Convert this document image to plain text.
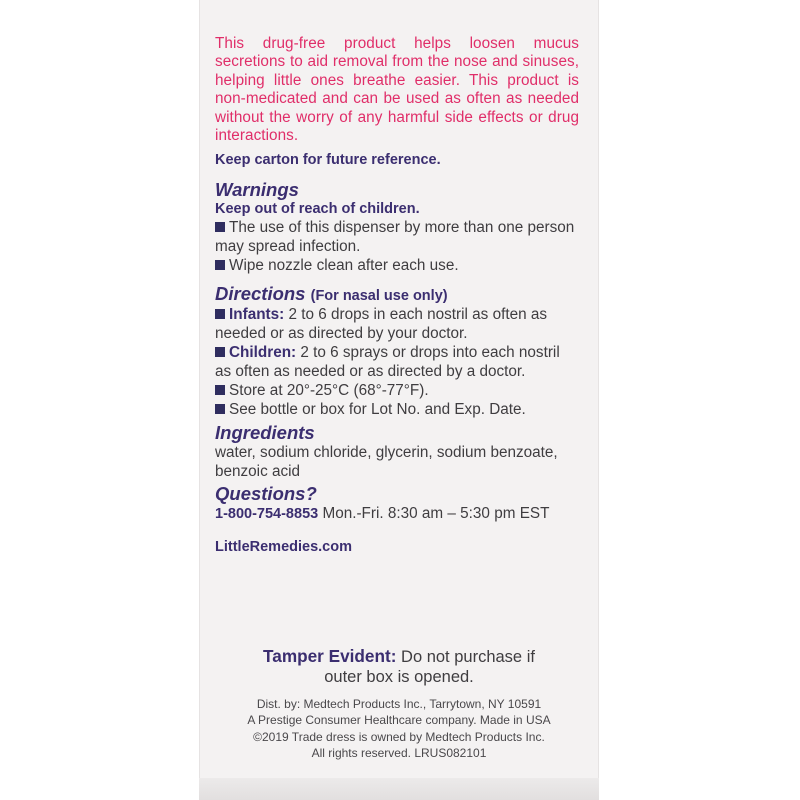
This drug-free product helps loosen mucus secretions to aid removal from the nose and sinuses, helping little ones breathe easier. This product is non-medicated and can be used as often as needed without the worry of any harmful side effects or drug interactions.

Keep carton for future reference.

Warnings

Keep out of reach of children.

The use of this dispenser by more than one person may spread infection.

Wipe nozzle clean after each use.

Directions (For nasal use only)

Infants: 2 to 6 drops in each nostril as often as needed or as directed by your doctor.

Children: 2 to 6 sprays or drops into each nostril as often as needed or as directed by a doctor.

Store at 20°-25°C (68°-77°F).

See bottle or box for Lot No. and Exp. Date.

Ingredients

water, sodium chloride, glycerin, sodium benzoate, benzoic acid

Questions?

1-800-754-8853 Mon.-Fri. 8:30 am – 5:30 pm EST

LittleRemedies.com

Tamper Evident: Do not purchase if
outer box is opened.
Dist. by: Medtech Products Inc., Tarrytown, NY 10591
A Prestige Consumer Healthcare company. Made in USA
©2019 Trade dress is owned by Medtech Products Inc.
All rights reserved. LRUS082101
